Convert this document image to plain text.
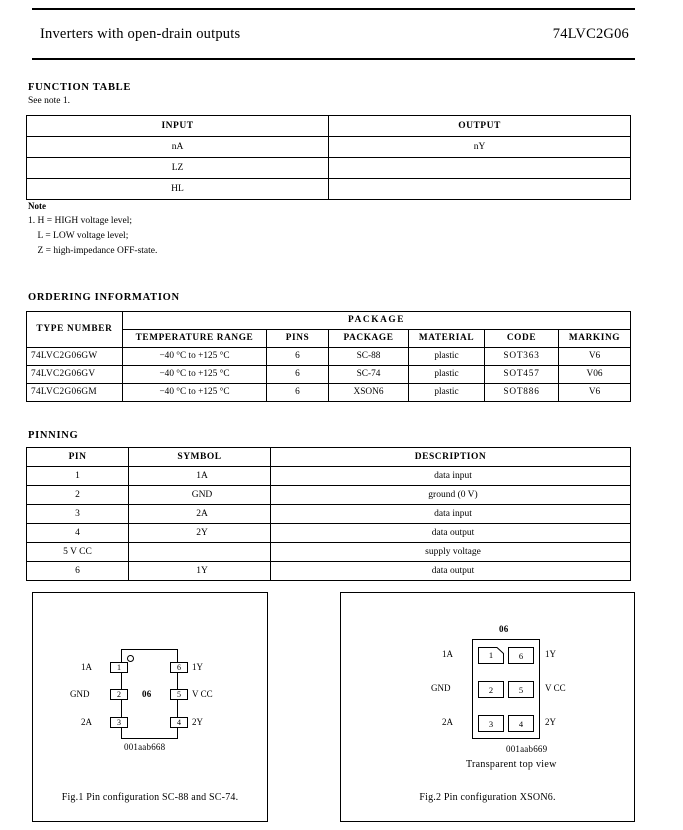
Inverters with open-drain outputs	74LVC2G06
FUNCTION TABLE
See note 1.
INPUT	OUTPUT
nA	nY
LZ	
HL	
Note
1. H = HIGH voltage level;
L = LOW voltage level;
Z = high-impedance OFF-state.
ORDERING INFORMATION
TYPE NUMBER	PACKAGE					
	TEMPERATURE RANGE	PINS	PACKAGE	MATERIAL	CODE	MARKING
74LVC2G06GW	−40 °C to +125 °C	6	SC-88	plastic	SOT363	V6
74LVC2G06GV	−40 °C to +125 °C	6	SC-74	plastic	SOT457	V06
74LVC2G06GM	−40 °C to +125 °C	6	XSON6	plastic	SOT886	V6
PINNING
PIN	SYMBOL	DESCRIPTION
1	1A	data input
2	GND	ground (0 V)
3	2A	data input
4	2Y	data output
5 V CC		supply voltage
6	1Y	data output
06
1
1A
2
GND
3
2A
6	1Y
5	V CC
4	2Y
001aab668
Fig.1 Pin configuration SC-88 and SC-74.
06
1
1A
2
GND
3
2A
6	1Y
5	V CC
4	2Y
001aab669
Transparent top view
Fig.2 Pin configuration XSON6.
